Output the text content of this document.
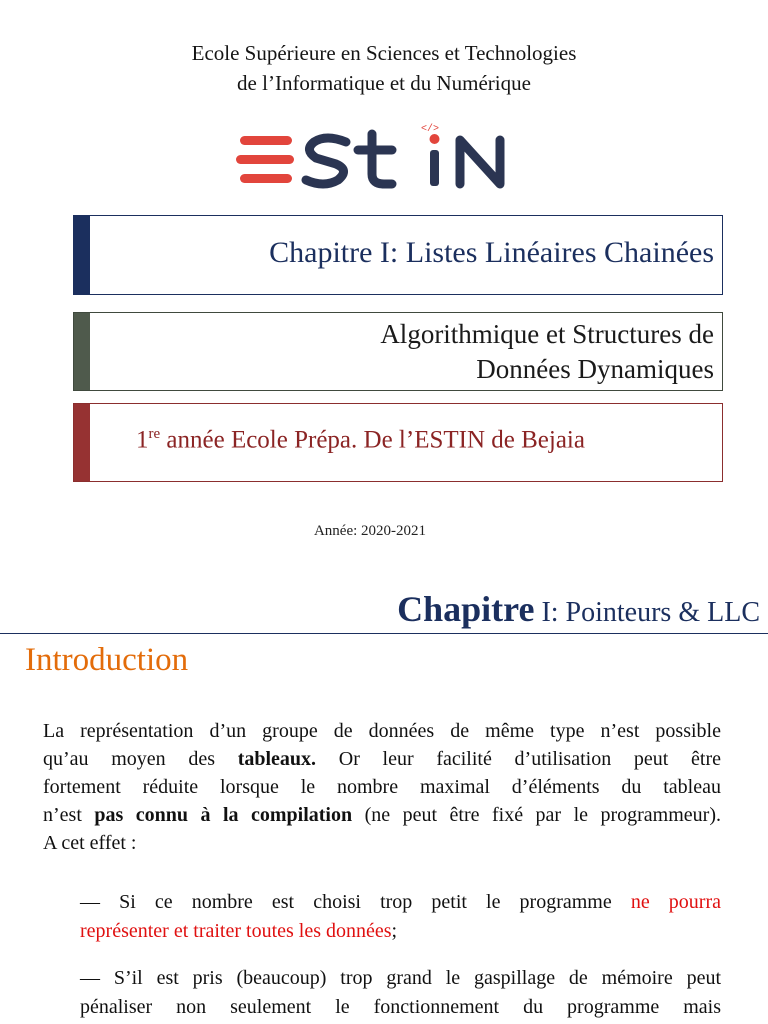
Ecole Supérieure en Sciences et Technologies
de l’Informatique et du Numérique
</>
Chapitre I: Listes Linéaires Chainées
Algorithmique et Structures de
Données Dynamiques
1re année Ecole Prépa. De l’ESTIN de Bejaia
Année: 2020-2021
Chapitre I: Pointeurs & LLC
Introduction
La représentation d’un groupe de données de même type n’est possible
qu’au moyen des tableaux. Or leur facilité d’utilisation peut être
fortement réduite lorsque le nombre maximal d’éléments du tableau
n’est pas connu à la compilation (ne peut être fixé par le programmeur).
A cet effet :
— Si ce nombre est choisi trop petit le programme ne pourra
représenter et traiter toutes les données;
— S’il est pris (beaucoup) trop grand le gaspillage de mémoire peut
pénaliser non seulement le fonctionnement du programme mais
